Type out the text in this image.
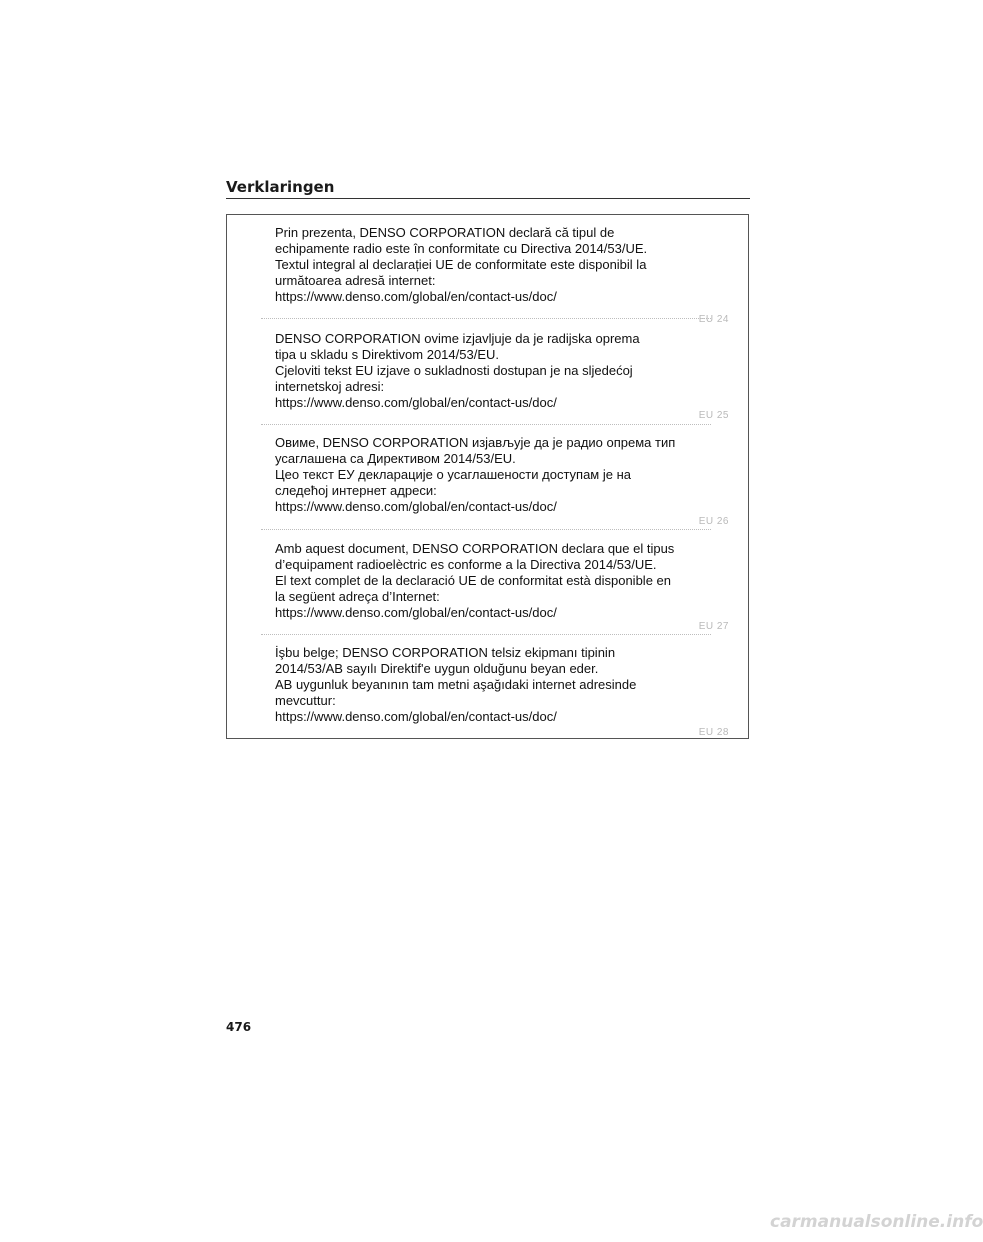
Verklaringen
Prin prezenta, DENSO CORPORATION declară că tipul de
echipamente radio este în conformitate cu Directiva 2014/53/UE.
Textul integral al declarației UE de conformitate este disponibil la
următoarea adresă internet:
https://www.denso.com/global/en/contact-us/doc/
EU 24
DENSO CORPORATION ovime izjavljuje da je radijska oprema
tipa u skladu s Direktivom 2014/53/EU.
Cjeloviti tekst EU izjave o sukladnosti dostupan je na sljedećoj
internetskoj adresi:
https://www.denso.com/global/en/contact-us/doc/
EU 25
Овиме, DENSO CORPORATION изјављује да је радио опрема тип
усаглашена са Директивом 2014/53/EU.
Цео текст ЕУ декларације о усаглашености доступам је на
следећој интернет адреси:
https://www.denso.com/global/en/contact-us/doc/
EU 26
Amb aquest document, DENSO CORPORATION declara que el tipus
d’equipament radioelèctric es conforme a la Directiva 2014/53/UE.
El text complet de la declaració UE de conformitat està disponible en
la següent adreça d’Internet:
https://www.denso.com/global/en/contact-us/doc/
EU 27
İşbu belge; DENSO CORPORATION telsiz ekipmanı tipinin
2014/53/AB sayılı Direktif'e uygun olduğunu beyan eder.
AB uygunluk beyanının tam metni aşağıdaki internet adresinde
mevcuttur:
https://www.denso.com/global/en/contact-us/doc/
EU 28
476
carmanualsonline.info
